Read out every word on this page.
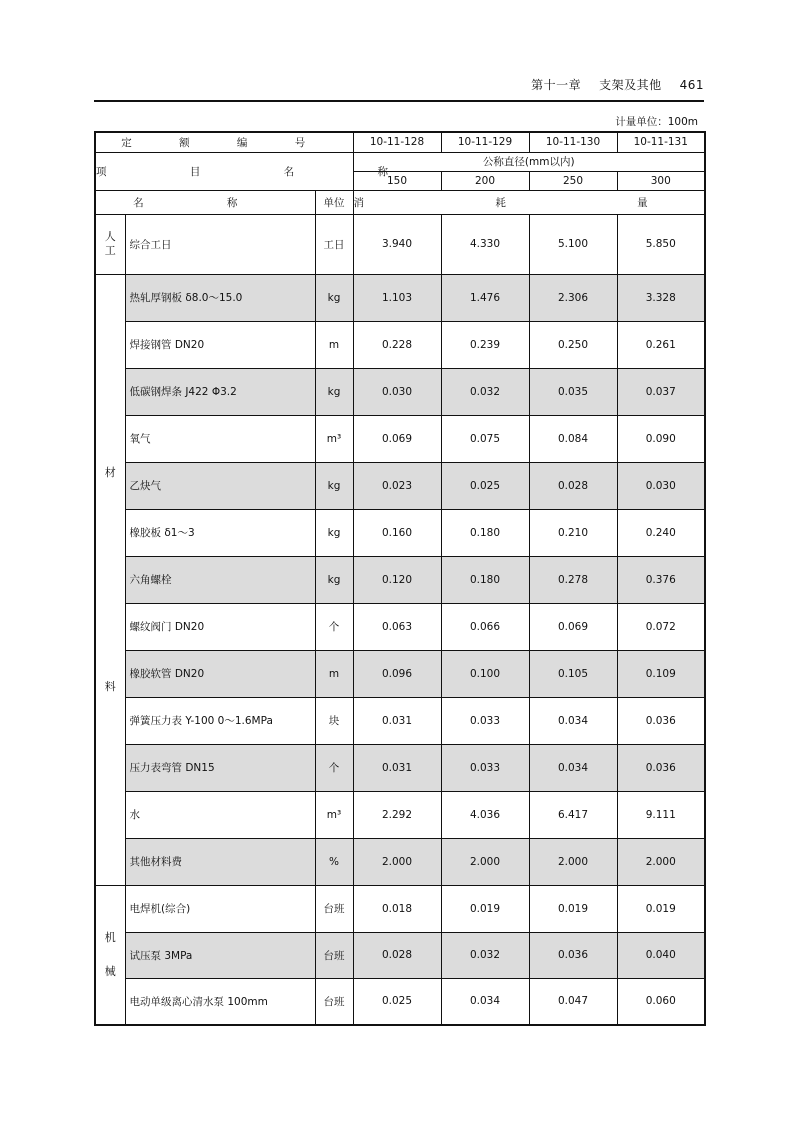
第十一章 支架及其他 461
计量单位：100m
定 额 编 号			10-11-128	10-11-129	10-11-130	10-11-131
项 目 名 称			公称直径(mm以内)			
			150	200	250	300
名 称		单位	消 耗 量			

人
工	综合工日	工日	3.940	4.330	5.100	5.850

材
料	热轧厚钢板 δ8.0～15.0	kg	1.103	1.476	2.306	3.328
	焊接钢管 DN20	m	0.228	0.239	0.250	0.261
	低碳钢焊条 J422 Φ3.2	kg	0.030	0.032	0.035	0.037
	氧气	m³	0.069	0.075	0.084	0.090
	乙炔气	kg	0.023	0.025	0.028	0.030
	橡胶板 δ1～3	kg	0.160	0.180	0.210	0.240
	六角螺栓	kg	0.120	0.180	0.278	0.376
	螺纹阀门 DN20	个	0.063	0.066	0.069	0.072
	橡胶软管 DN20	m	0.096	0.100	0.105	0.109
	弹簧压力表 Y-100 0～1.6MPa	块	0.031	0.033	0.034	0.036
	压力表弯管 DN15	个	0.031	0.033	0.034	0.036
	水	m³	2.292	4.036	6.417	9.111
	其他材料费	%	2.000	2.000	2.000	2.000

机
械	电焊机(综合)	台班	0.018	0.019	0.019	0.019
	试压泵 3MPa	台班	0.028	0.032	0.036	0.040
	电动单级离心清水泵 100mm	台班	0.025	0.034	0.047	0.060
